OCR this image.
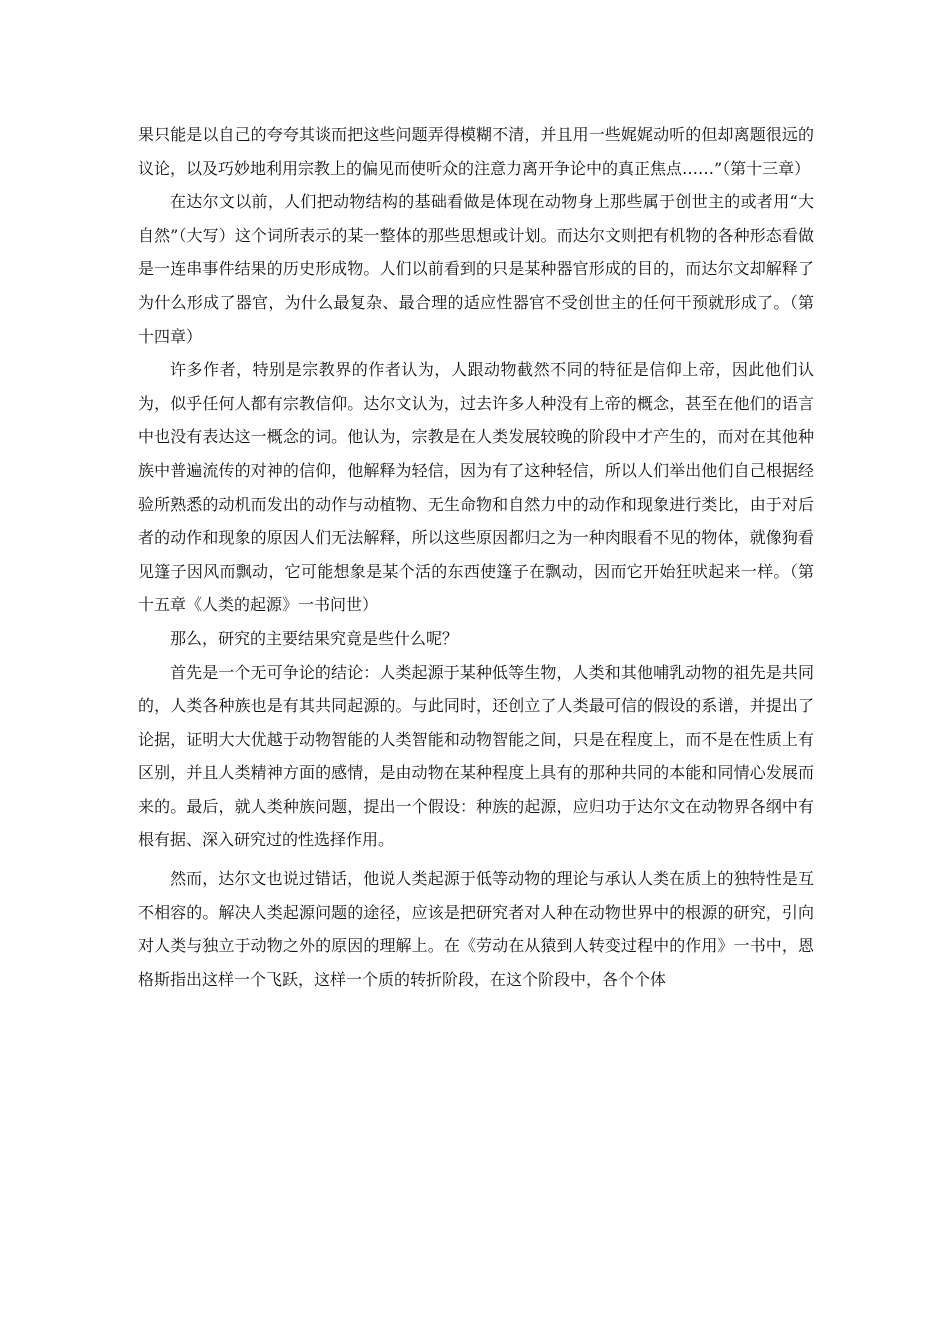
果只能是以自己的夸夸其谈而把这些问题弄得模糊不清，并且用一些娓娓动听的但却离题很远的议论，以及巧妙地利用宗教上的偏见而使听众的注意力离开争论中的真正焦点……”（第十三章）

在达尔文以前，人们把动物结构的基础看做是体现在动物身上那些属于创世主的或者用“大自然”（大写）这个词所表示的某一整体的那些思想或计划。而达尔文则把有机物的各种形态看做是一连串事件结果的历史形成物。人们以前看到的只是某种器官形成的目的，而达尔文却解释了为什么形成了器官，为什么最复杂、最合理的适应性器官不受创世主的任何干预就形成了。（第十四章）

许多作者，特别是宗教界的作者认为，人跟动物截然不同的特征是信仰上帝，因此他们认为，似乎任何人都有宗教信仰。达尔文认为，过去许多人种没有上帝的概念，甚至在他们的语言中也没有表达这一概念的词。他认为，宗教是在人类发展较晚的阶段中才产生的，而对在其他种族中普遍流传的对神的信仰，他解释为轻信，因为有了这种轻信，所以人们举出他们自己根据经验所熟悉的动机而发出的动作与动植物、无生命物和自然力中的动作和现象进行类比，由于对后者的动作和现象的原因人们无法解释，所以这些原因都归之为一种肉眼看不见的物体，就像狗看见篷子因风而飘动，它可能想象是某个活的东西使篷子在飘动，因而它开始狂吠起来一样。（第十五章《人类的起源》一书问世）

那么，研究的主要结果究竟是些什么呢？

首先是一个无可争论的结论：人类起源于某种低等生物，人类和其他哺乳动物的祖先是共同的，人类各种族也是有其共同起源的。与此同时，还创立了人类最可信的假设的系谱，并提出了论据，证明大大优越于动物智能的人类智能和动物智能之间，只是在程度上，而不是在性质上有区别，并且人类精神方面的感情，是由动物在某种程度上具有的那种共同的本能和同情心发展而来的。最后，就人类种族问题，提出一个假设：种族的起源，应归功于达尔文在动物界各纲中有根有据、深入研究过的性选择作用。

然而，达尔文也说过错话，他说人类起源于低等动物的理论与承认人类在质上的独特性是互不相容的。解决人类起源问题的途径，应该是把研究者对人种在动物世界中的根源的研究，引向对人类与独立于动物之外的原因的理解上。在《劳动在从猿到人转变过程中的作用》一书中，恩格斯指出这样一个飞跃，这样一个质的转折阶段，在这个阶段中，各个个体
